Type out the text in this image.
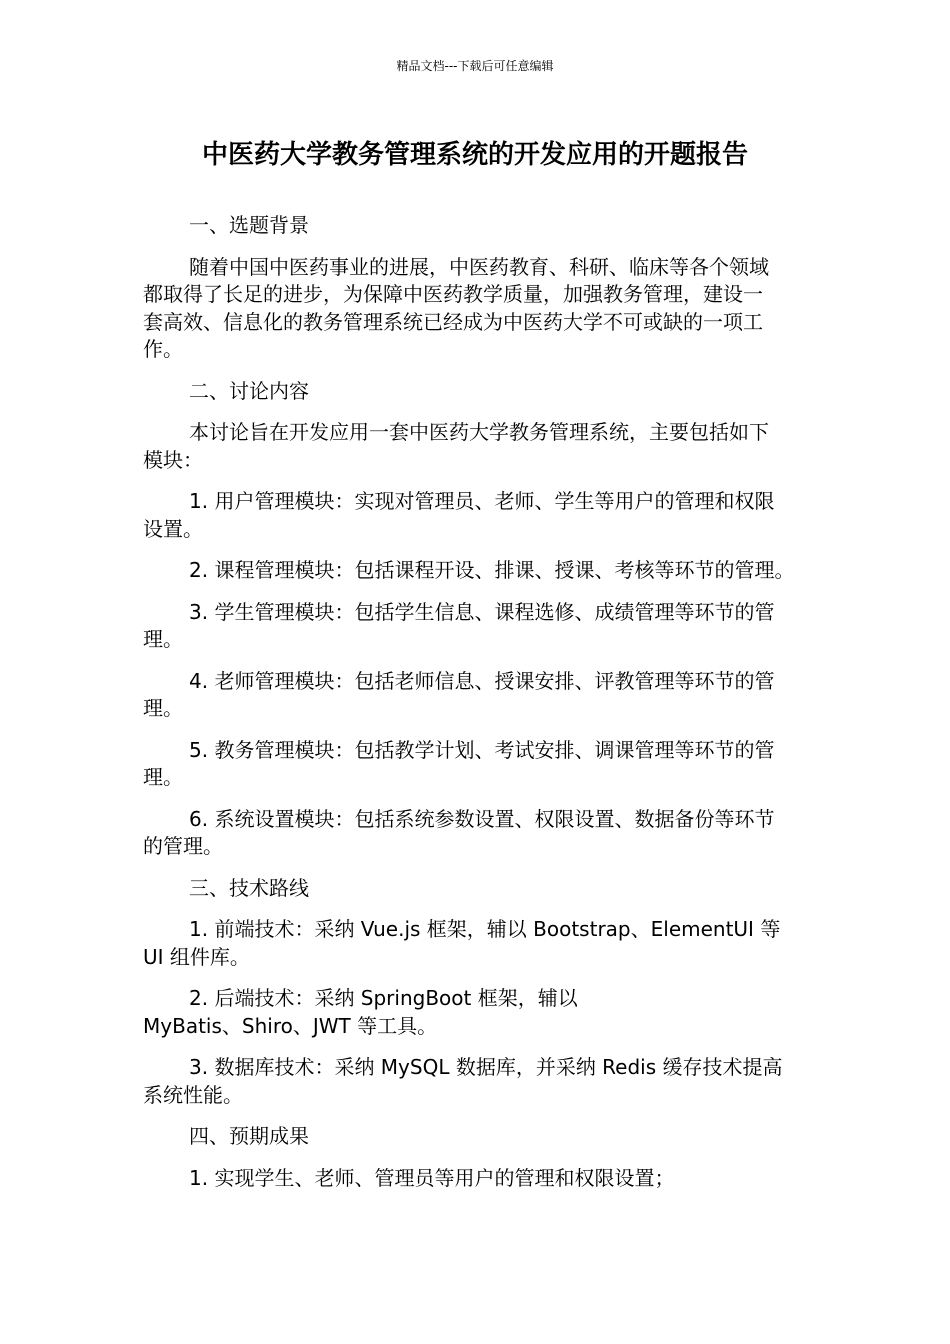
精品文档---下载后可任意编辑
中医药大学教务管理系统的开发应用的开题报告

一、选题背景

随着中国中医药事业的进展，中医药教育、科研、临床等各个领域
都取得了长足的进步，为保障中医药教学质量，加强教务管理，建设一
套高效、信息化的教务管理系统已经成为中医药大学不可或缺的一项工
作。

二、讨论内容

本讨论旨在开发应用一套中医药大学教务管理系统，主要包括如下
模块：

1. 用户管理模块：实现对管理员、老师、学生等用户的管理和权限
设置。

2. 课程管理模块：包括课程开设、排课、授课、考核等环节的管理。

3. 学生管理模块：包括学生信息、课程选修、成绩管理等环节的管
理。

4. 老师管理模块：包括老师信息、授课安排、评教管理等环节的管
理。

5. 教务管理模块：包括教学计划、考试安排、调课管理等环节的管
理。

6. 系统设置模块：包括系统参数设置、权限设置、数据备份等环节
的管理。

三、技术路线

1. 前端技术：采纳 Vue.js 框架，辅以 Bootstrap、ElementUI 等
UI 组件库。

2. 后端技术：采纳 SpringBoot 框架，辅以
MyBatis、Shiro、JWT 等工具。

3. 数据库技术：采纳 MySQL 数据库，并采纳 Redis 缓存技术提高
系统性能。

四、预期成果

1. 实现学生、老师、管理员等用户的管理和权限设置；
